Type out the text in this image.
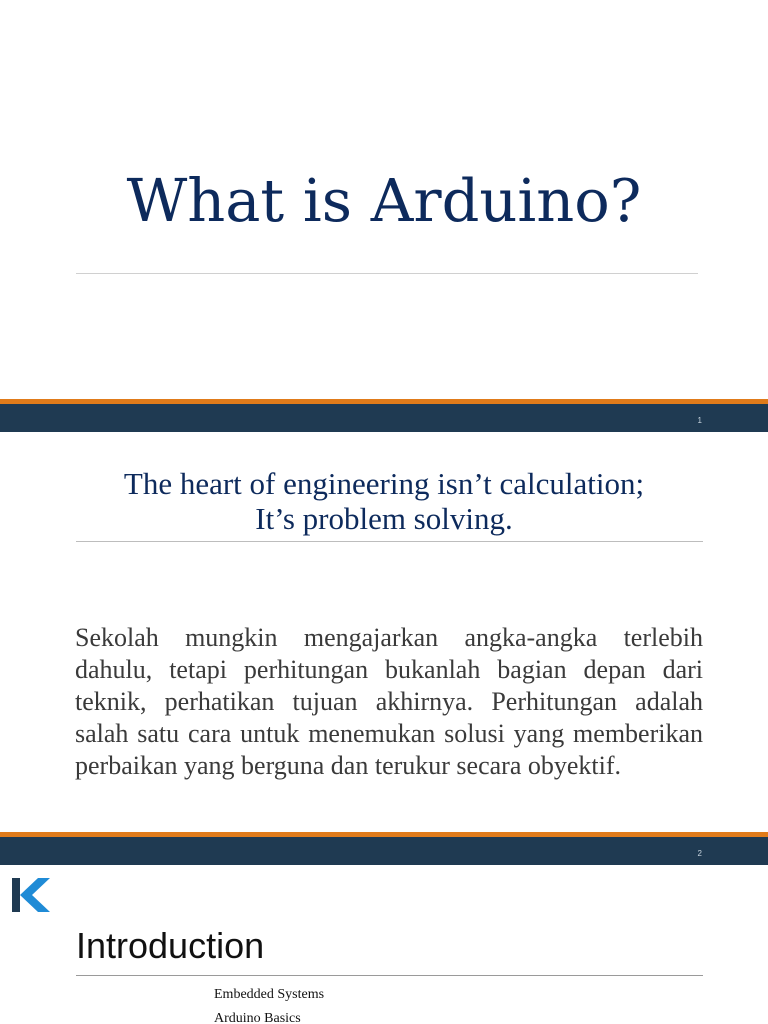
What is Arduino?
1
The heart of engineering isn’t calculation;
It’s problem solving.

Sekolah mungkin mengajarkan angka-angka terlebih dahulu, tetapi perhitungan bukanlah bagian depan dari teknik, perhatikan tujuan akhirnya. Perhitungan adalah salah satu cara untuk menemukan solusi yang memberikan perbaikan yang berguna dan terukur secara obyektif.

2
Introduction
Embedded Systems
Arduino Basics
